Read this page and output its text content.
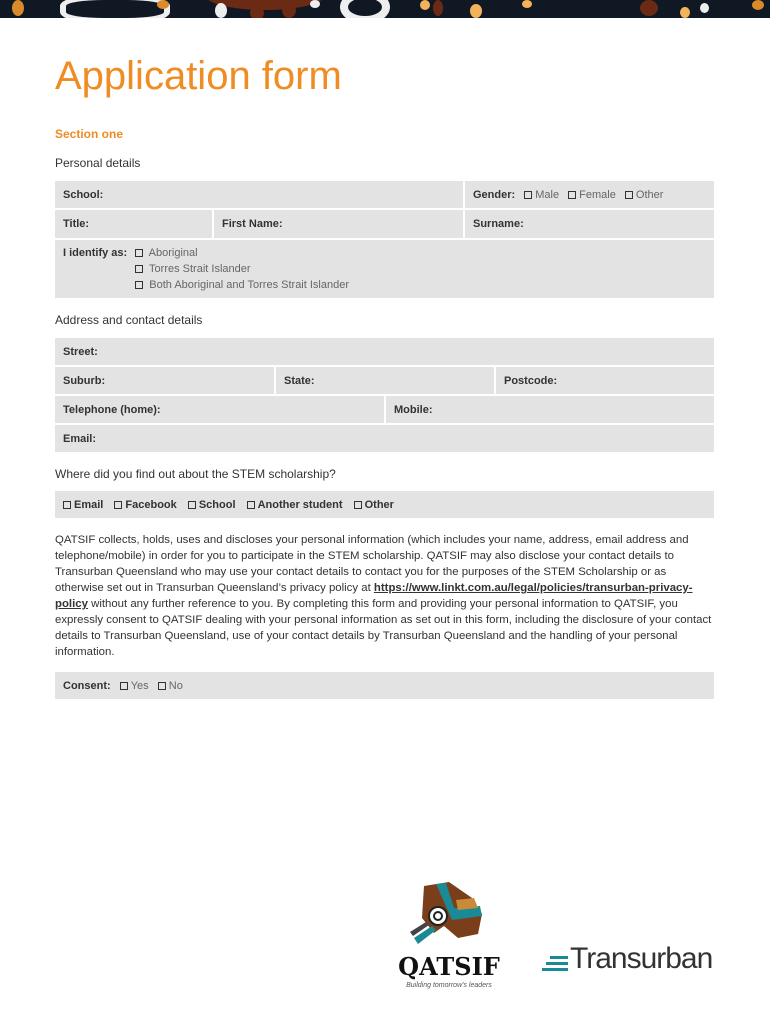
Application form
Section one
Personal details
School:	Gender: Male Female Other
Title:	First Name:	Surname:
I identify as:	Aboriginal
Torres Strait Islander
Both Aboriginal and Torres Strait Islander
Address and contact details
Street:
Suburb:	State:	Postcode:
Telephone (home):	Mobile:
Email:
Where did you find out about the STEM scholarship?
Email Facebook School Another student Other
QATSIF collects, holds, uses and discloses your personal information (which includes your name, address, email address and telephone/mobile) in order for you to participate in the STEM scholarship. QATSIF may also disclose your contact details to Transurban Queensland who may use your contact details to contact you for the purposes of the STEM Scholarship or as otherwise set out in Transurban Queensland’s privacy policy at https://www.linkt.com.au/legal/policies/transurban-privacy-policy without any further reference to you. By completing this form and providing your personal information to QATSIF, you expressly consent to QATSIF dealing with your personal information as set out in this form, including the disclosure of your contact details to Transurban Queensland, use of your contact details by Transurban Queensland and the handling of your personal information.
Consent: Yes No
QATSIF
Building tomorrow's leaders
Transurban
